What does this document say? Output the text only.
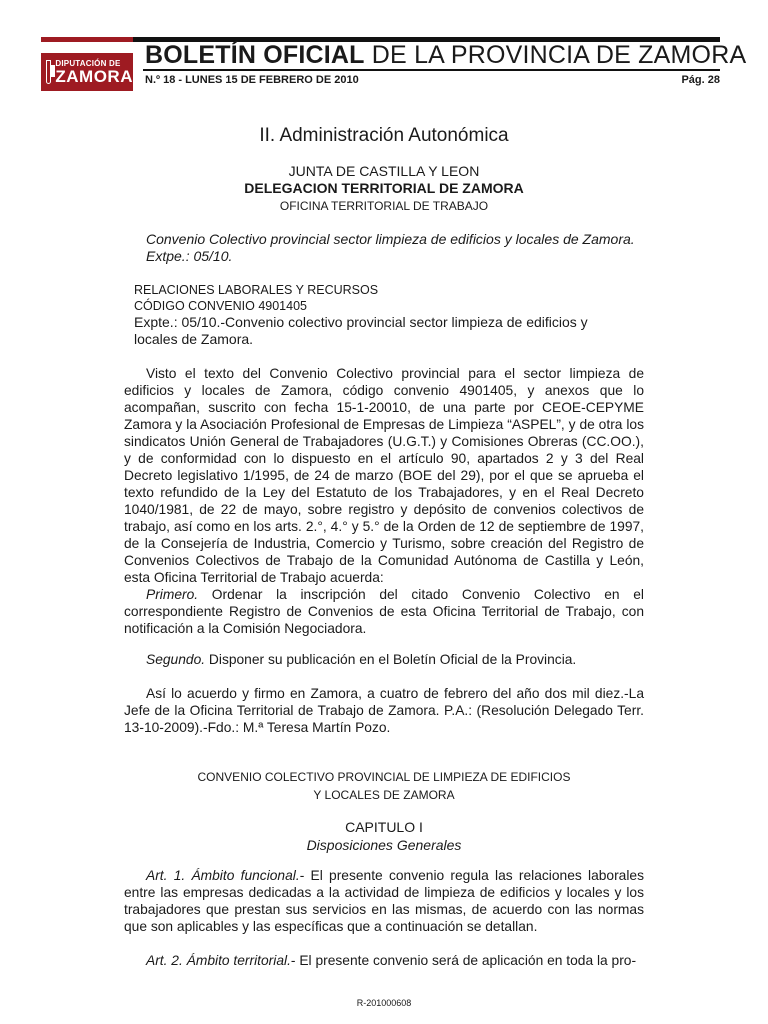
DIPUTACIÓN DE
ZAMORA
BOLETÍN OFICIAL DE LA PROVINCIA DE ZAMORA
N.º 18 - LUNES 15 DE FEBRERO DE 2010	Pág. 28
II. Administración Autonómica
JUNTA DE CASTILLA Y LEON
DELEGACION TERRITORIAL DE ZAMORA
OFICINA TERRITORIAL DE TRABAJO
Convenio Colectivo provincial sector limpieza de edificios y locales de Zamora.
Extpe.: 05/10.
RELACIONES LABORALES Y RECURSOS
CÓDIGO CONVENIO 4901405
Expte.: 05/10.-Convenio colectivo provincial sector limpieza de edificios y locales de Zamora.

Visto el texto del Convenio Colectivo provincial para el sector limpieza de edificios y locales de Zamora, código convenio 4901405, y anexos que lo acompañan, suscrito con fecha 15-1-20010, de una parte por CEOE-CEPYME Zamora y la Asociación Profesional de Empresas de Limpieza “ASPEL”, y de otra los sindicatos Unión General de Trabajadores (U.G.T.) y Comisiones Obreras (CC.OO.), y de conformidad con lo dispuesto en el artículo 90, apartados 2 y 3 del Real Decreto legislativo 1/1995, de 24 de marzo (BOE del 29), por el que se aprueba el texto refundido de la Ley del Estatuto de los Trabajadores, y en el Real Decreto 1040/1981, de 22 de mayo, sobre registro y depósito de convenios colectivos de trabajo, así como en los arts. 2.°, 4.° y 5.° de la Orden de 12 de septiembre de 1997, de la Consejería de Industria, Comercio y Turismo, sobre creación del Registro de Convenios Colectivos de Trabajo de la Comunidad Autónoma de Castilla y León, esta Oficina Territorial de Trabajo acuerda:

Primero. Ordenar la inscripción del citado Convenio Colectivo en el correspondiente Registro de Convenios de esta Oficina Territorial de Trabajo, con notificación a la Comisión Negociadora.

Segundo. Disponer su publicación en el Boletín Oficial de la Provincia.

Así lo acuerdo y firmo en Zamora, a cuatro de febrero del año dos mil diez.-La Jefe de la Oficina Territorial de Trabajo de Zamora. P.A.: (Resolución Delegado Terr. 13-10-2009).-Fdo.: M.ª Teresa Martín Pozo.

CONVENIO COLECTIVO PROVINCIAL DE LIMPIEZA DE EDIFICIOS
Y LOCALES DE ZAMORA
CAPITULO I
Disposiciones Generales

Art. 1. Ámbito funcional.- El presente convenio regula las relaciones laborales entre las empresas dedicadas a la actividad de limpieza de edificios y locales y los trabajadores que prestan sus servicios en las mismas, de acuerdo con las normas que son aplicables y las específicas que a continuación se detallan.

Art. 2. Ámbito territorial.- El presente convenio será de aplicación en toda la pro-

R-201000608
